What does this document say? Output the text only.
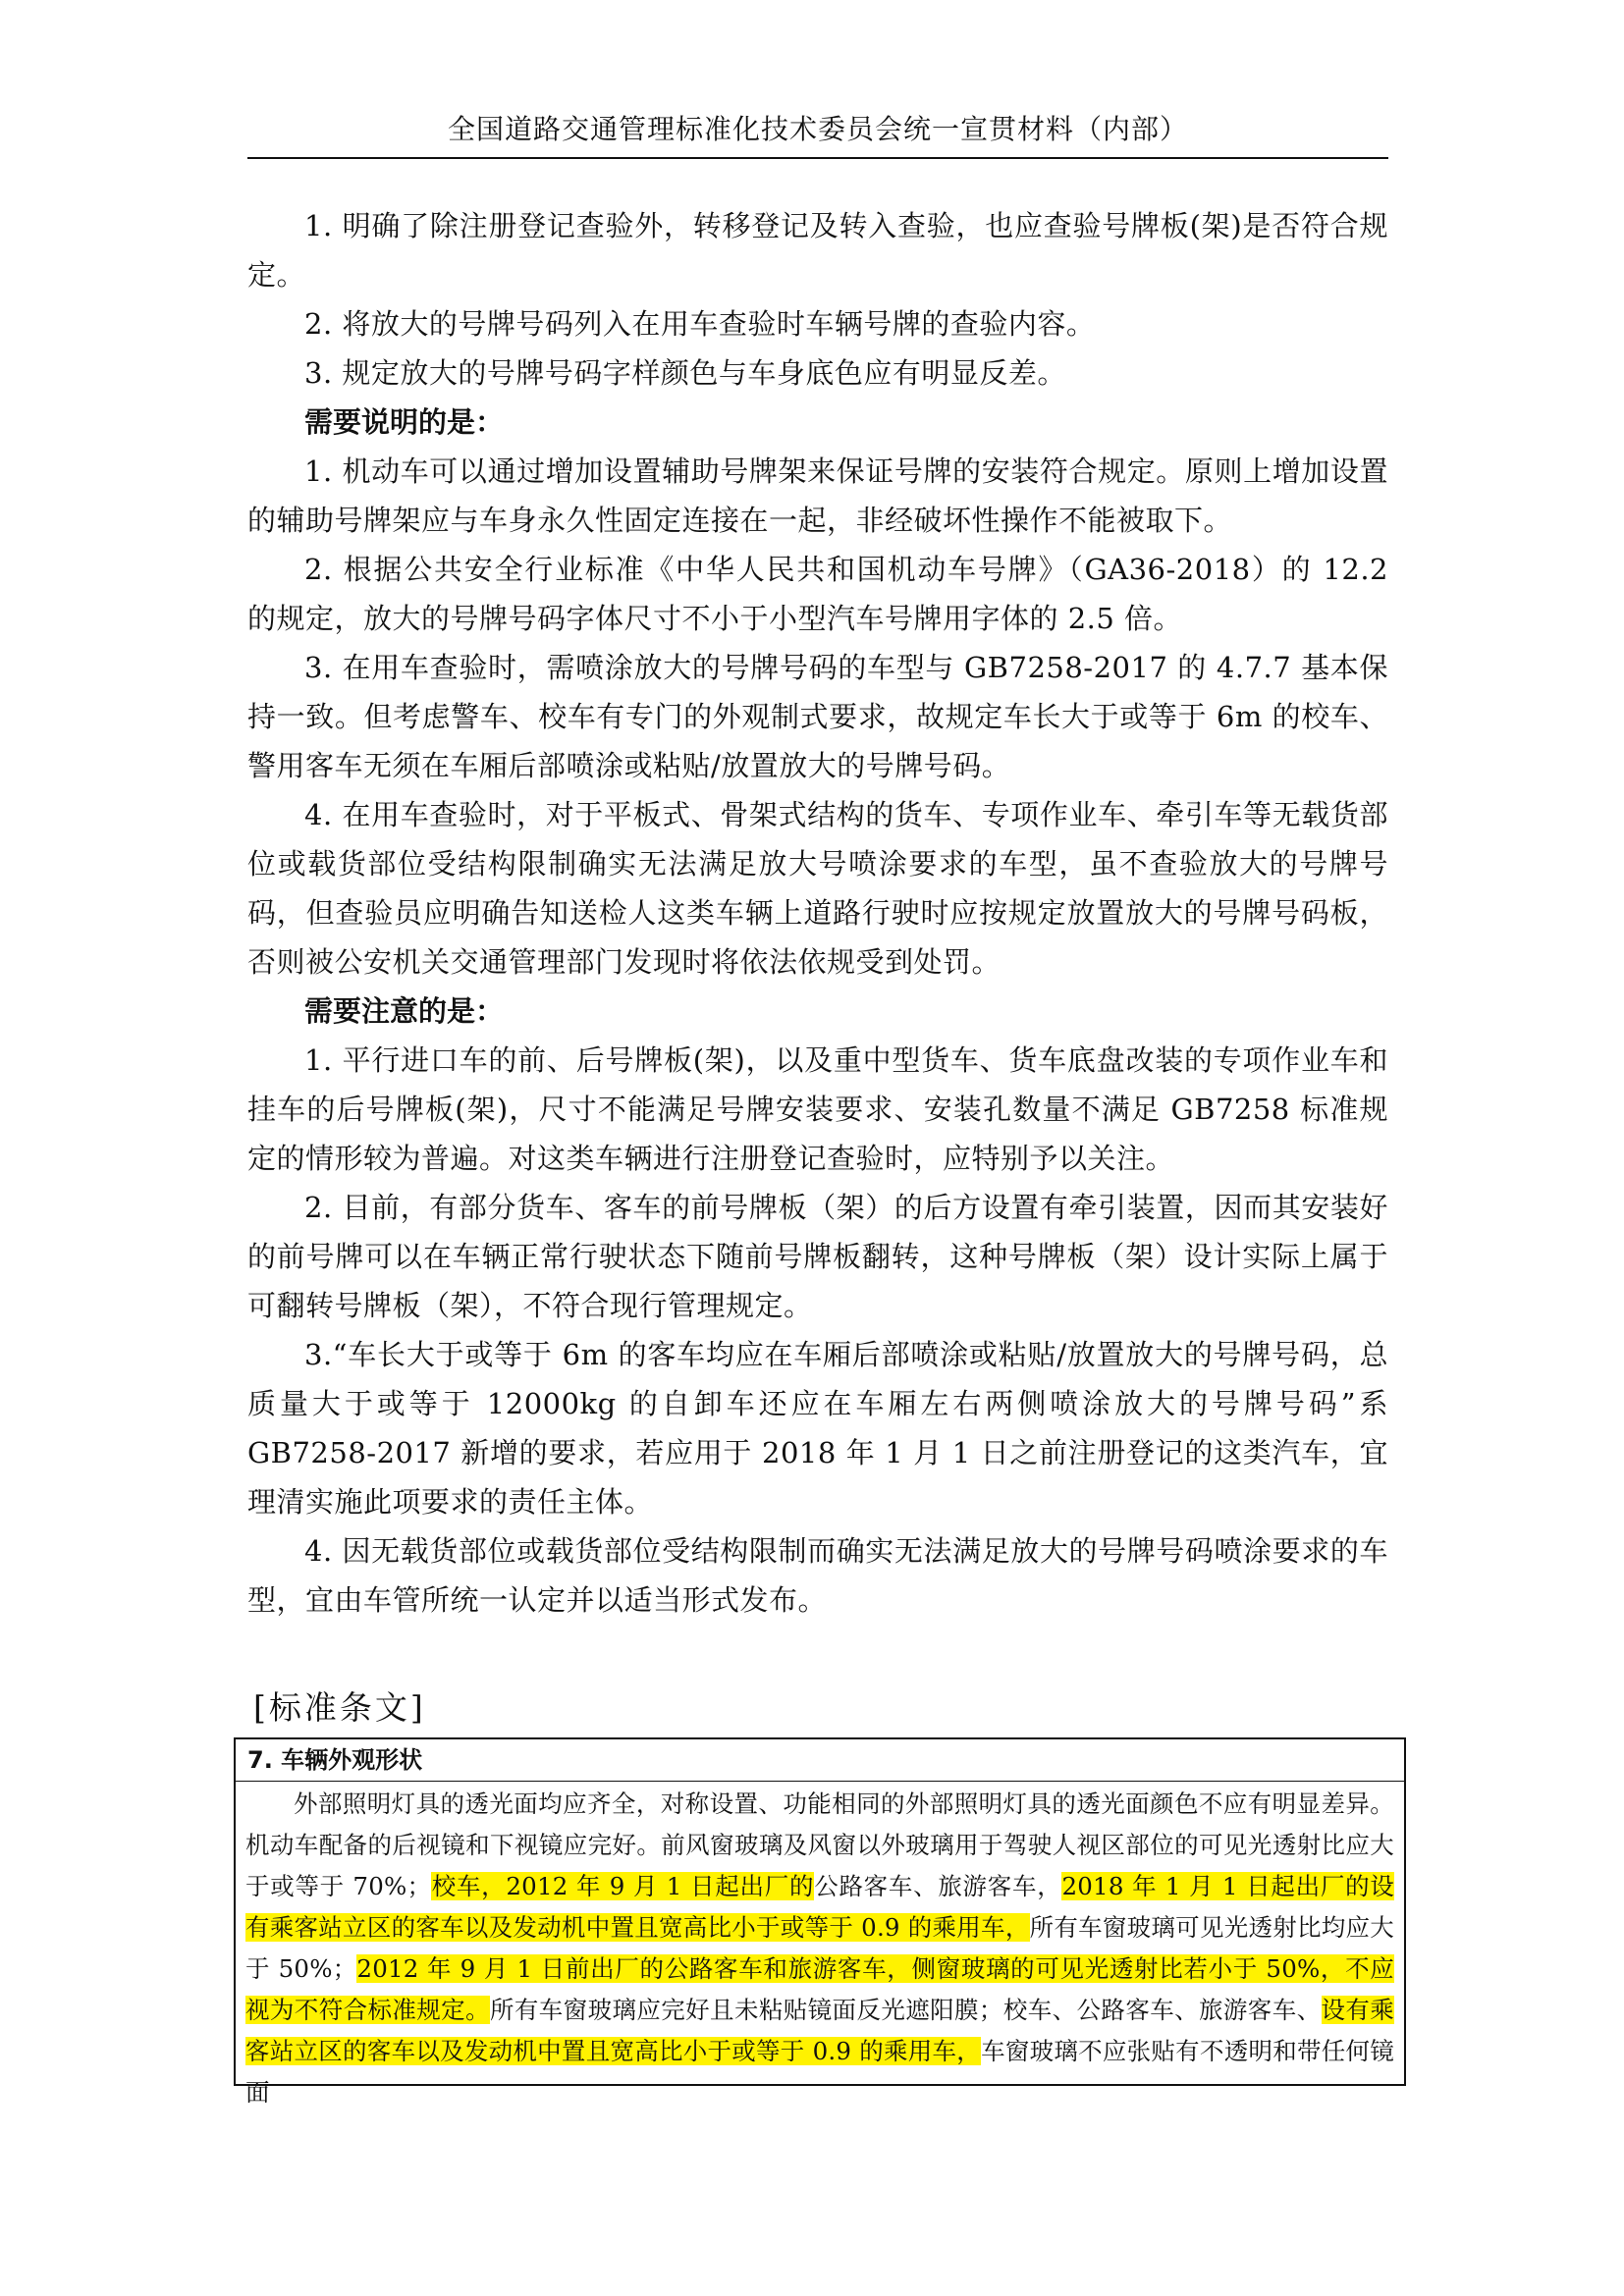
全国道路交通管理标准化技术委员会统一宣贯材料（内部）

1. 明确了除注册登记查验外，转移登记及转入查验，也应查验号牌板(架)是否符合规定。

2. 将放大的号牌号码列入在用车查验时车辆号牌的查验内容。

3. 规定放大的号牌号码字样颜色与车身底色应有明显反差。

需要说明的是：

1. 机动车可以通过增加设置辅助号牌架来保证号牌的安装符合规定。原则上增加设置的辅助号牌架应与车身永久性固定连接在一起，非经破坏性操作不能被取下。

2. 根据公共安全行业标准《中华人民共和国机动车号牌》（GA36-2018）的 12.2 的规定，放大的号牌号码字体尺寸不小于小型汽车号牌用字体的 2.5 倍。

3. 在用车查验时，需喷涂放大的号牌号码的车型与 GB7258-2017 的 4.7.7 基本保持一致。但考虑警车、校车有专门的外观制式要求，故规定车长大于或等于 6m 的校车、警用客车无须在车厢后部喷涂或粘贴/放置放大的号牌号码。

4. 在用车查验时，对于平板式、骨架式结构的货车、专项作业车、牵引车等无载货部位或载货部位受结构限制确实无法满足放大号喷涂要求的车型，虽不查验放大的号牌号码，但查验员应明确告知送检人这类车辆上道路行驶时应按规定放置放大的号牌号码板，否则被公安机关交通管理部门发现时将依法依规受到处罚。

需要注意的是：

1. 平行进口车的前、后号牌板(架)，以及重中型货车、货车底盘改装的专项作业车和挂车的后号牌板(架)，尺寸不能满足号牌安装要求、安装孔数量不满足 GB7258 标准规定的情形较为普遍。对这类车辆进行注册登记查验时，应特别予以关注。

2. 目前，有部分货车、客车的前号牌板（架）的后方设置有牵引装置，因而其安装好的前号牌可以在车辆正常行驶状态下随前号牌板翻转，这种号牌板（架）设计实际上属于可翻转号牌板（架），不符合现行管理规定。

3.“车长大于或等于 6m 的客车均应在车厢后部喷涂或粘贴/放置放大的号牌号码，总质量大于或等于 12000kg 的自卸车还应在车厢左右两侧喷涂放大的号牌号码”系 GB7258-2017 新增的要求，若应用于 2018 年 1 月 1 日之前注册登记的这类汽车，宜理清实施此项要求的责任主体。

4. 因无载货部位或载货部位受结构限制而确实无法满足放大的号牌号码喷涂要求的车型，宜由车管所统一认定并以适当形式发布。

[标准条文]
7. 车辆外观形状

外部照明灯具的透光面均应齐全，对称设置、功能相同的外部照明灯具的透光面颜色不应有明显差异。机动车配备的后视镜和下视镜应完好。前风窗玻璃及风窗以外玻璃用于驾驶人视区部位的可见光透射比应大于或等于 70%；校车，2012 年 9 月 1 日起出厂的公路客车、旅游客车，2018 年 1 月 1 日起出厂的设有乘客站立区的客车以及发动机中置且宽高比小于或等于 0.9 的乘用车，所有车窗玻璃可见光透射比均应大于 50%；2012 年 9 月 1 日前出厂的公路客车和旅游客车，侧窗玻璃的可见光透射比若小于 50%，不应视为不符合标准规定。所有车窗玻璃应完好且未粘贴镜面反光遮阳膜；校车、公路客车、旅游客车、设有乘客站立区的客车以及发动机中置且宽高比小于或等于 0.9 的乘用车，车窗玻璃不应张贴有不透明和带任何镜面
